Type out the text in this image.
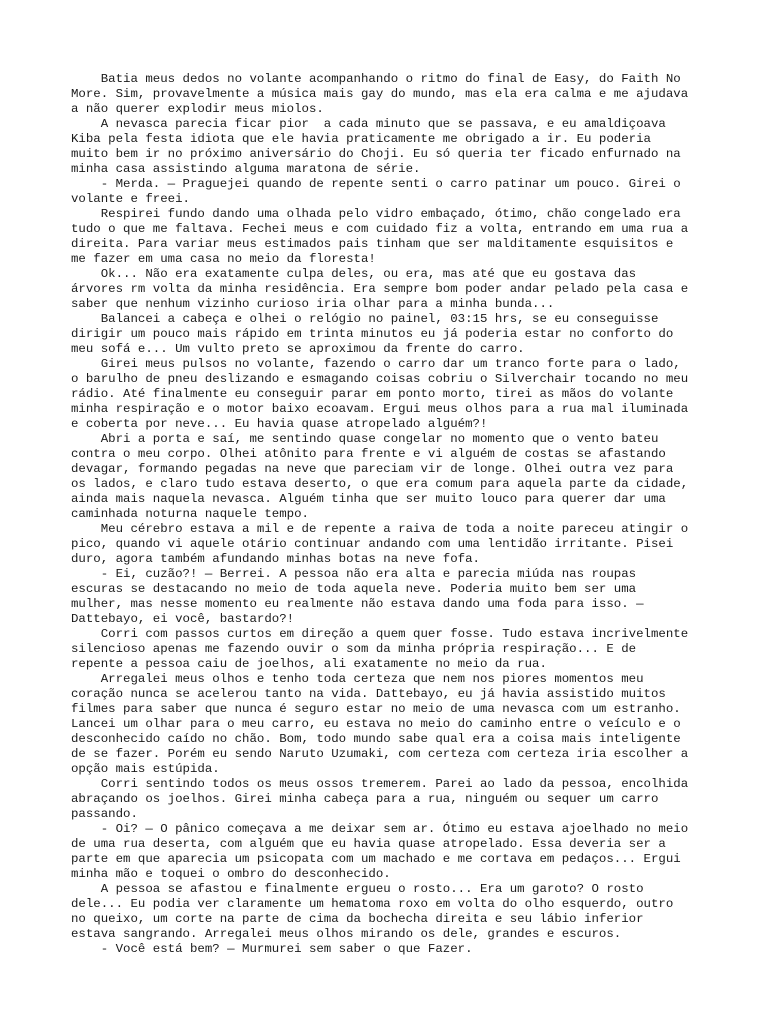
Batia meus dedos no volante acompanhando o ritmo do final de Easy, do Faith No
More. Sim, provavelmente a música mais gay do mundo, mas ela era calma e me ajudava
a não querer explodir meus miolos.
A nevasca parecia ficar pior  a cada minuto que se passava, e eu amaldiçoava
Kiba pela festa idiota que ele havia praticamente me obrigado a ir. Eu poderia
muito bem ir no próximo aniversário do Choji. Eu só queria ter ficado enfurnado na
minha casa assistindo alguma maratona de série.
- Merda. — Praguejei quando de repente senti o carro patinar um pouco. Girei o
volante e freei.
Respirei fundo dando uma olhada pelo vidro embaçado, ótimo, chão congelado era
tudo o que me faltava. Fechei meus e com cuidado fiz a volta, entrando em uma rua a
direita. Para variar meus estimados pais tinham que ser malditamente esquisitos e
me fazer em uma casa no meio da floresta!
Ok... Não era exatamente culpa deles, ou era, mas até que eu gostava das
árvores rm volta da minha residência. Era sempre bom poder andar pelado pela casa e
saber que nenhum vizinho curioso iria olhar para a minha bunda...
Balancei a cabeça e olhei o relógio no painel, 03:15 hrs, se eu conseguisse
dirigir um pouco mais rápido em trinta minutos eu já poderia estar no conforto do
meu sofá e... Um vulto preto se aproximou da frente do carro.
Girei meus pulsos no volante, fazendo o carro dar um tranco forte para o lado,
o barulho de pneu deslizando e esmagando coisas cobriu o Silverchair tocando no meu
rádio. Até finalmente eu conseguir parar em ponto morto, tirei as mãos do volante
minha respiração e o motor baixo ecoavam. Ergui meus olhos para a rua mal iluminada
e coberta por neve... Eu havia quase atropelado alguém?!
Abri a porta e saí, me sentindo quase congelar no momento que o vento bateu
contra o meu corpo. Olhei atônito para frente e vi alguém de costas se afastando
devagar, formando pegadas na neve que pareciam vir de longe. Olhei outra vez para
os lados, e claro tudo estava deserto, o que era comum para aquela parte da cidade,
ainda mais naquela nevasca. Alguém tinha que ser muito louco para querer dar uma
caminhada noturna naquele tempo.
Meu cérebro estava a mil e de repente a raiva de toda a noite pareceu atingir o
pico, quando vi aquele otário continuar andando com uma lentidão irritante. Pisei
duro, agora também afundando minhas botas na neve fofa.
- Ei, cuzão?! — Berrei. A pessoa não era alta e parecia miúda nas roupas
escuras se destacando no meio de toda aquela neve. Poderia muito bem ser uma
mulher, mas nesse momento eu realmente não estava dando uma foda para isso. —
Dattebayo, ei você, bastardo?!
Corri com passos curtos em direção a quem quer fosse. Tudo estava incrivelmente
silencioso apenas me fazendo ouvir o som da minha própria respiração... E de
repente a pessoa caiu de joelhos, ali exatamente no meio da rua.
Arregalei meus olhos e tenho toda certeza que nem nos piores momentos meu
coração nunca se acelerou tanto na vida. Dattebayo, eu já havia assistido muitos
filmes para saber que nunca é seguro estar no meio de uma nevasca com um estranho.
Lancei um olhar para o meu carro, eu estava no meio do caminho entre o veículo e o
desconhecido caído no chão. Bom, todo mundo sabe qual era a coisa mais inteligente
de se fazer. Porém eu sendo Naruto Uzumaki, com certeza com certeza iria escolher a
opção mais estúpida.
Corri sentindo todos os meus ossos tremerem. Parei ao lado da pessoa, encolhida
abraçando os joelhos. Girei minha cabeça para a rua, ninguém ou sequer um carro
passando.
- Oi? — O pânico começava a me deixar sem ar. Ótimo eu estava ajoelhado no meio
de uma rua deserta, com alguém que eu havia quase atropelado. Essa deveria ser a
parte em que aparecia um psicopata com um machado e me cortava em pedaços... Ergui
minha mão e toquei o ombro do desconhecido.
A pessoa se afastou e finalmente ergueu o rosto... Era um garoto? O rosto
dele... Eu podia ver claramente um hematoma roxo em volta do olho esquerdo, outro
no queixo, um corte na parte de cima da bochecha direita e seu lábio inferior
estava sangrando. Arregalei meus olhos mirando os dele, grandes e escuros.
- Você está bem? — Murmurei sem saber o que Fazer.
